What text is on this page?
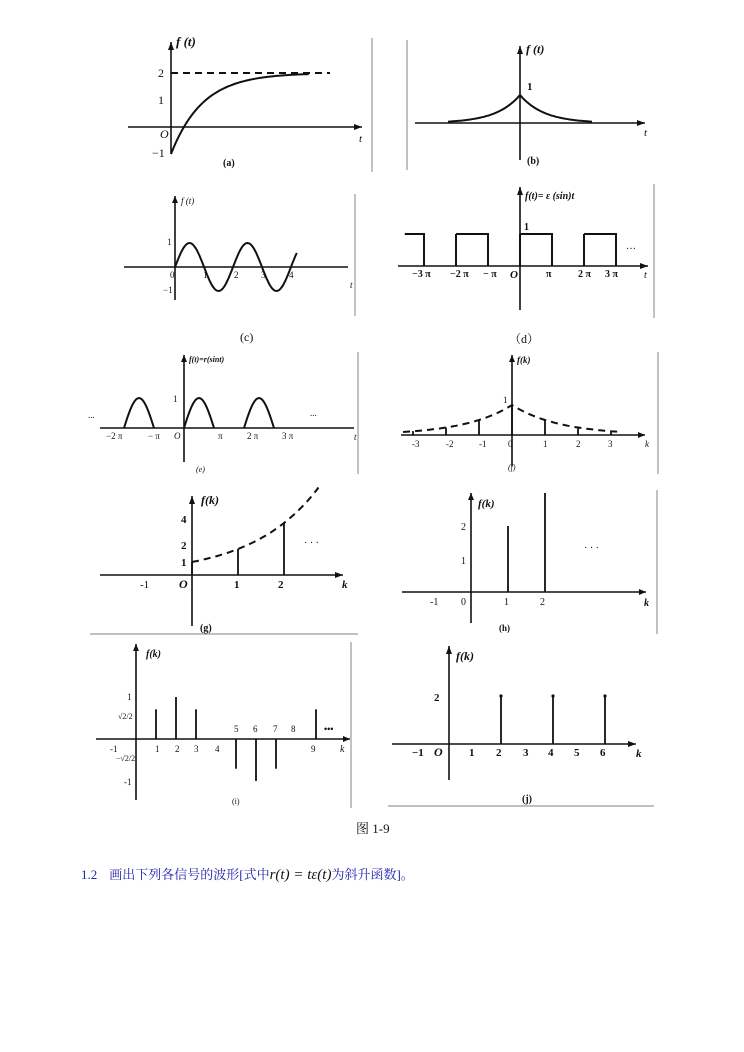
f (t)
t
O
2
1
−1
(a)
f (t)
t
1
(b)
f (t)
t
0
1
−1
1	2	3	4
(c)
f(t)= ε (sin)t
1
O	t
−3 π −2 π − π	π	2 π 3 π
···
（d）
f(t)=r(sint)
1
O	t
−2 π	− π	π	2 π	3 π
...	...
(e)
f(k)
k
1
0
-3	-2	-1	1	2	3
(f)
f(k)
k
4
2
1
O
-1	1	2
· · ·
(g)
f(k)
k
2
1
0
-1	1	2
· · ·
(h)
f(k)
k
1
√2/2
−√2/2
-1
-1	1 2 3 4
5 6 7 8
9
•••
(i)
f(k)
k
2
O
−1	1 2 3 4 5 6
(j)
图 1-9
1.2 画出下列各信号的波形[式中r(t) = tε(t)为斜升函数]。
